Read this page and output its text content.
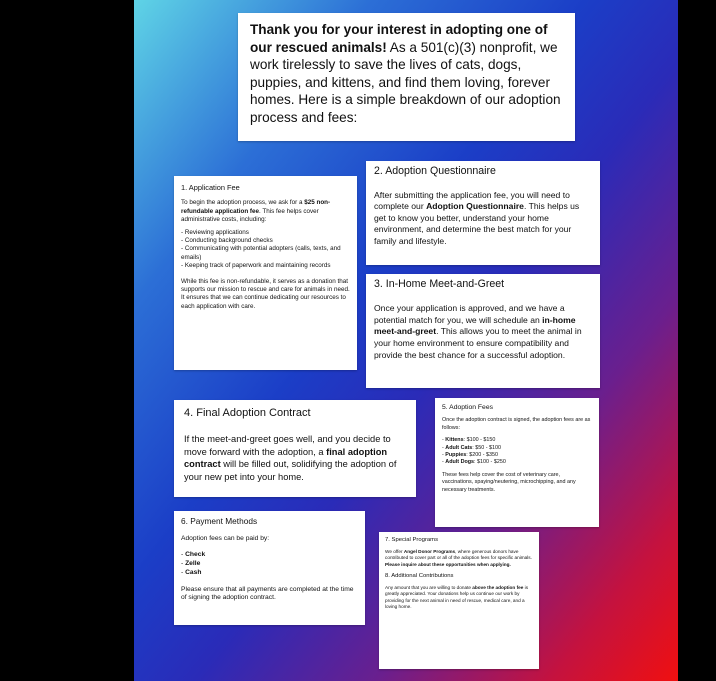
Thank you for your interest in adopting one of our rescued animals! As a 501(c)(3) nonprofit, we work tirelessly to save the lives of cats, dogs, puppies, and kittens, and find them loving, forever homes. Here is a simple breakdown of our adoption process and fees:

1. Application Fee

To begin the adoption process, we ask for a $25 non-refundable application fee. This fee helps cover administrative costs, including:

- Reviewing applications
- Conducting background checks
- Communicating with potential adopters (calls, texts, and emails)
- Keeping track of paperwork and maintaining records

While this fee is non-refundable, it serves as a donation that supports our mission to rescue and care for animals in need. It ensures that we can continue dedicating our resources to each application with care.

2. Adoption Questionnaire

After submitting the application fee, you will need to complete our Adoption Questionnaire. This helps us get to know you better, understand your home environment, and determine the best match for your family and lifestyle.

3. In-Home Meet-and-Greet

Once your application is approved, and we have a potential match for you, we will schedule an in-home meet-and-greet. This allows you to meet the animal in your home environment to ensure compatibility and provide the best chance for a successful adoption.

4. Final Adoption Contract

If the meet-and-greet goes well, and you decide to move forward with the adoption, a final adoption contract will be filled out, solidifying the adoption of your new pet into your home.

5. Adoption Fees

Once the adoption contract is signed, the adoption fees are as follows:

- Kittens: $100 - $150
- Adult Cats: $50 - $100
- Puppies: $200 - $350
- Adult Dogs: $100 - $250

These fees help cover the cost of veterinary care, vaccinations, spaying/neutering, microchipping, and any necessary treatments.

6. Payment Methods

Adoption fees can be paid by:

- Check
- Zelle
- Cash

Please ensure that all payments are completed at the time of signing the adoption contract.

7. Special Programs

We offer Angel Donor Programs, where generous donors have contributed to cover part or all of the adoption fees for specific animals. Please inquire about these opportunities when applying.

8. Additional Contributions

Any amount that you are willing to donate above the adoption fee is greatly appreciated. Your donations help us continue our work by providing for the next animal in need of rescue, medical care, and a loving home.
